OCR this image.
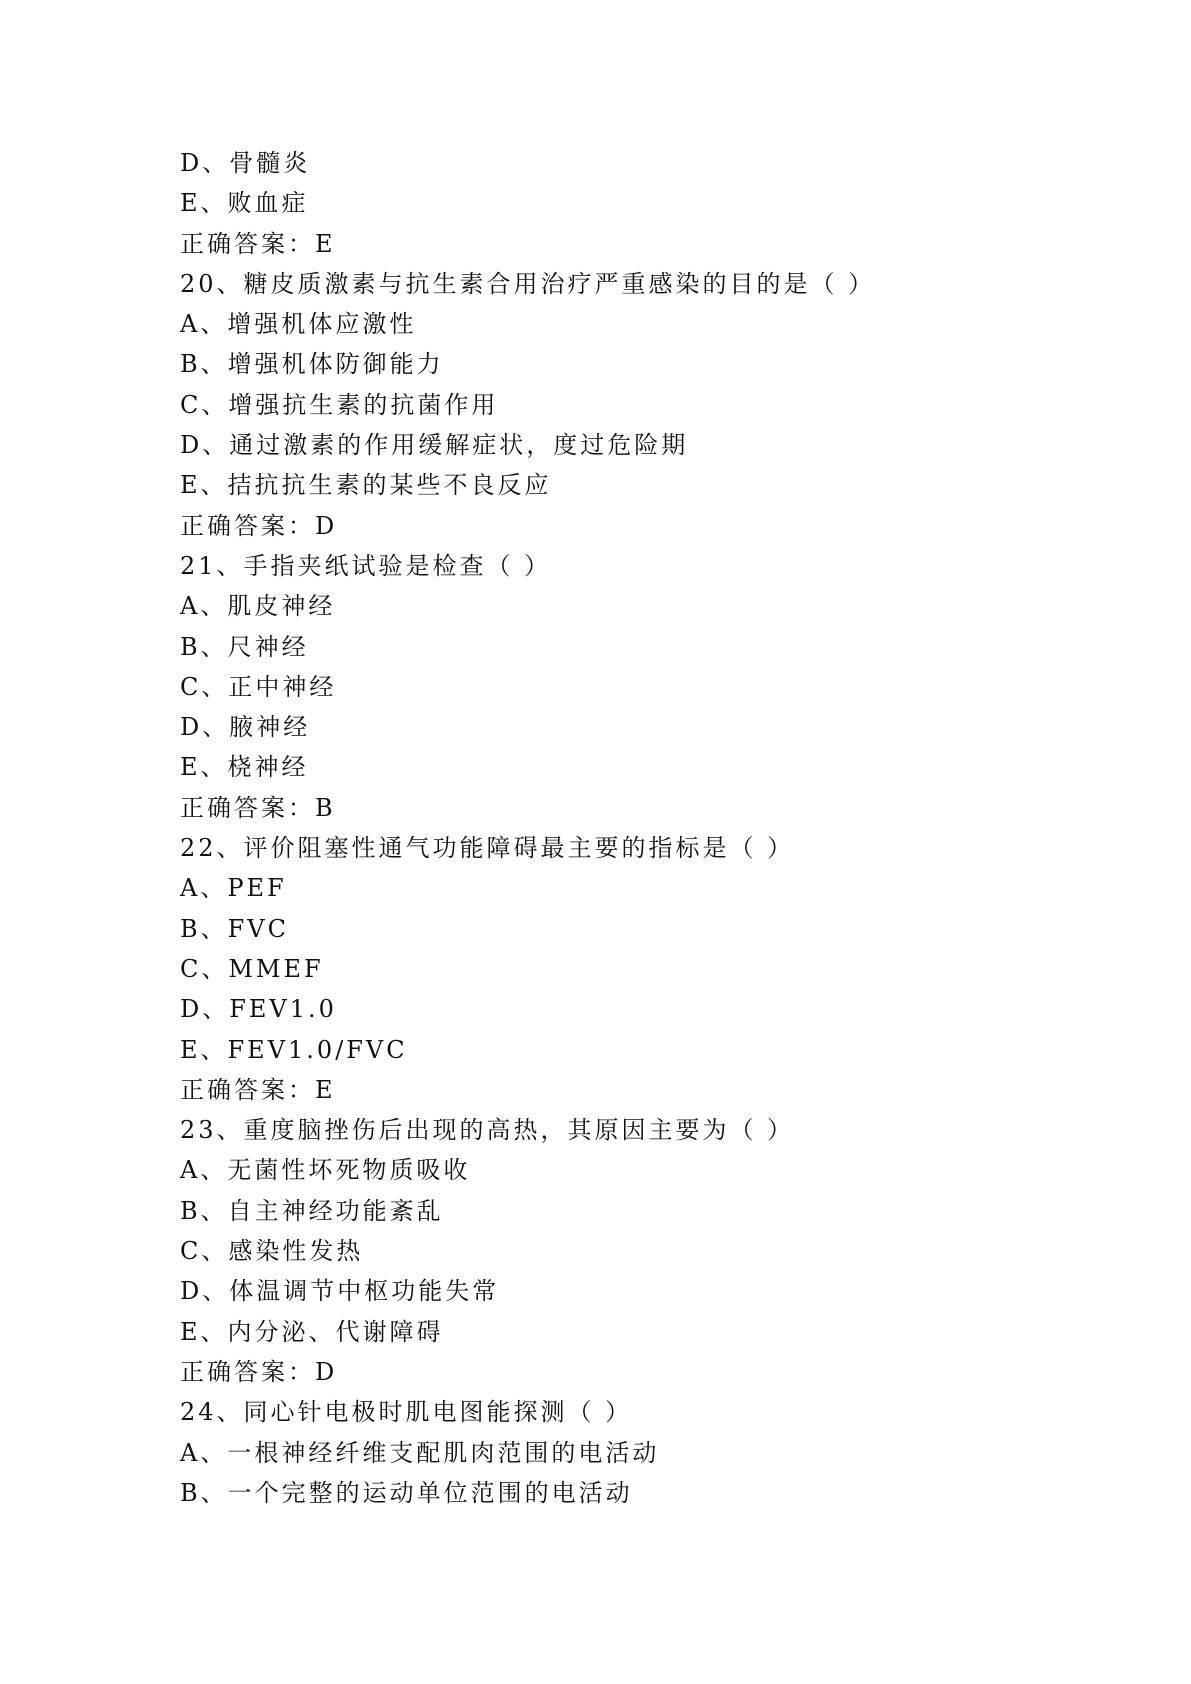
D、骨髓炎
E、败血症
正确答案：E
20、糖皮质激素与抗生素合用治疗严重感染的目的是（ ）
A、增强机体应激性
B、增强机体防御能力
C、增强抗生素的抗菌作用
D、通过激素的作用缓解症状，度过危险期
E、拮抗抗生素的某些不良反应
正确答案：D
21、手指夹纸试验是检查（ ）
A、肌皮神经
B、尺神经
C、正中神经
D、腋神经
E、桡神经
正确答案：B
22、评价阻塞性通气功能障碍最主要的指标是（ ）
A、PEF
B、FVC
C、MMEF
D、FEV1.0
E、FEV1.0/FVC
正确答案：E
23、重度脑挫伤后出现的高热，其原因主要为（ ）
A、无菌性坏死物质吸收
B、自主神经功能紊乱
C、感染性发热
D、体温调节中枢功能失常
E、内分泌、代谢障碍
正确答案：D
24、同心针电极时肌电图能探测（ ）
A、一根神经纤维支配肌肉范围的电活动
B、一个完整的运动单位范围的电活动
